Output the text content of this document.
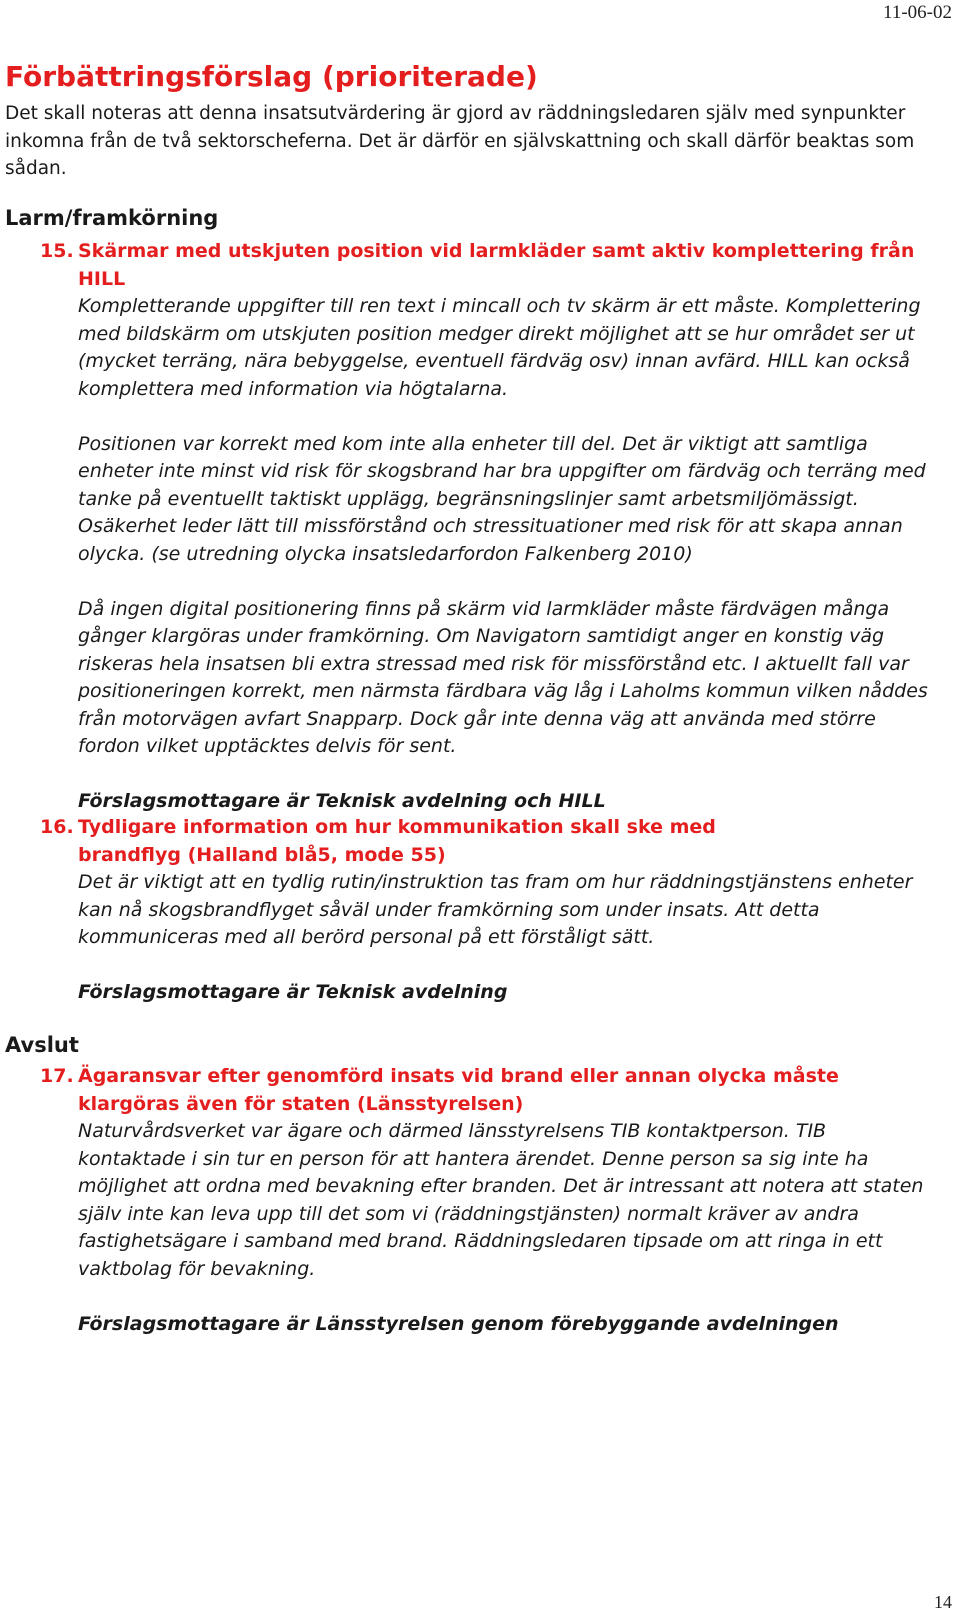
11-06-02
Förbättringsförslag (prioriterade)

Det skall noteras att denna insatsutvärdering är gjord av räddningsledaren själv med synpunkter inkomna från de två sektorscheferna. Det är därför en självskattning och skall därför beaktas som sådan.

Larm/framkörning
15. Skärmar med utskjuten position vid larmkläder samt aktiv komplettering från HILL

Kompletterande uppgifter till ren text i mincall och tv skärm är ett måste. Komplettering med bildskärm om utskjuten position medger direkt möjlighet att se hur området ser ut (mycket terräng, nära bebyggelse, eventuell färdväg osv) innan avfärd. HILL kan också komplettera med information via högtalarna.

Positionen var korrekt med kom inte alla enheter till del. Det är viktigt att samtliga enheter inte minst vid risk för skogsbrand har bra uppgifter om färdväg och terräng med tanke på eventuellt taktiskt upplägg, begränsningslinjer samt arbetsmiljömässigt. Osäkerhet leder lätt till missförstånd och stressituationer med risk för att skapa annan olycka. (se utredning olycka insatsledarfordon Falkenberg 2010)

Då ingen digital positionering finns på skärm vid larmkläder måste färdvägen många gånger klargöras under framkörning. Om Navigatorn samtidigt anger en konstig väg riskeras hela insatsen bli extra stressad med risk för missförstånd etc. I aktuellt fall var positioneringen korrekt, men närmsta färdbara väg låg i Laholms kommun vilken nåddes från motorvägen avfart Snapparp. Dock går inte denna väg att använda med större fordon vilket upptäcktes delvis för sent.

Förslagsmottagare är Teknisk avdelning och HILL

16. Tydligare information om hur kommunikation skall ske med brandflyg (Halland blå5, mode 55)

Det är viktigt att en tydlig rutin/instruktion tas fram om hur räddningstjänstens enheter kan nå skogsbrandflyget såväl under framkörning som under insats. Att detta kommuniceras med all berörd personal på ett förståligt sätt.

Förslagsmottagare är Teknisk avdelning

Avslut
17. Ägaransvar efter genomförd insats vid brand eller annan olycka måste klargöras även för staten (Länsstyrelsen)

Naturvårdsverket var ägare och därmed länsstyrelsens TIB kontaktperson. TIB kontaktade i sin tur en person för att hantera ärendet. Denne person sa sig inte ha möjlighet att ordna med bevakning efter branden. Det är intressant att notera att staten själv inte kan leva upp till det som vi (räddningstjänsten) normalt kräver av andra fastighetsägare i samband med brand. Räddningsledaren tipsade om att ringa in ett vaktbolag för bevakning.

Förslagsmottagare är Länsstyrelsen genom förebyggande avdelningen

14
